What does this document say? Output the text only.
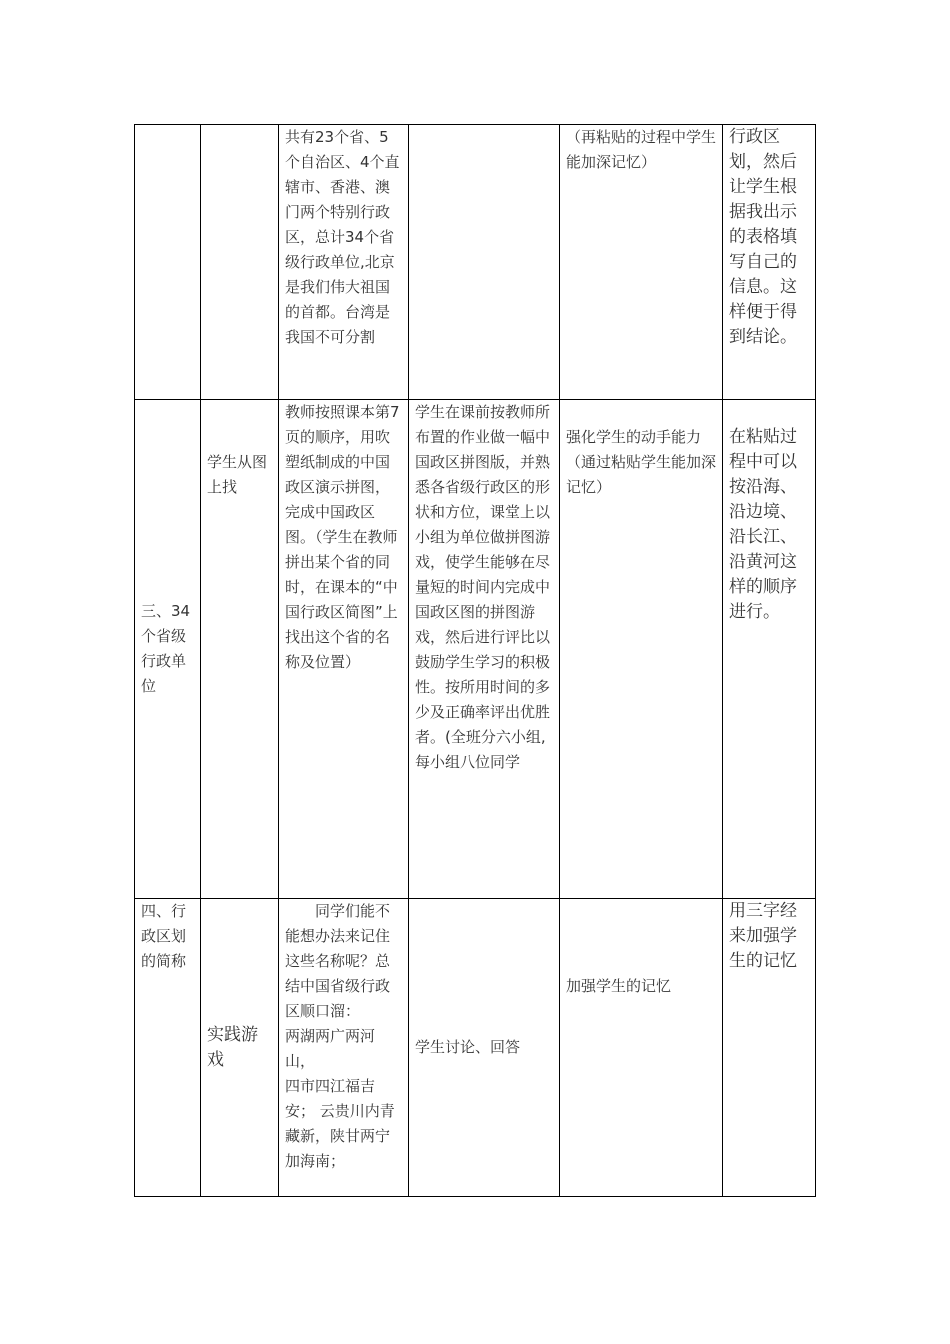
		共有23个省、5个自治区、4个直辖市、香港、澳门两个特别行政区，总计34个省级行政单位,北京是我们伟大祖国的首都。台湾是我国不可分割		（再粘贴的过程中学生能加深记忆）	行政区划，然后让学生根据我出示的表格填写自己的信息。这样便于得到结论。

三、34个省级行政单位	学生从图上找	教师按照课本第7页的顺序，用吹塑纸制成的中国政区演示拼图，完成中国政区图。（学生在教师拼出某个省的同时，在课本的“中国行政区简图”上找出这个省的名称及位置）	学生在课前按教师所布置的作业做一幅中国政区拼图版，并熟悉各省级行政区的形状和方位，课堂上以小组为单位做拼图游戏，使学生能够在尽量短的时间内完成中国政区图的拼图游戏，然后进行评比以鼓励学生学习的积极性。按所用时间的多少及正确率评出优胜者。(全班分六小组,每小组八位同学	强化学生的动手能力
（通过粘贴学生能加深记忆）	在粘贴过程中可以按沿海、沿边境、沿长江、沿黄河这样的顺序进行。

四、行政区划的简称	实践游戏	同学们能不能想办法来记住这些名称呢？总结中国省级行政区顺口溜：
两湖两广两河山，
四市四江福吉安； 云贵川内青藏新，陕甘两宁加海南；	学生讨论、回答	加强学生的记忆	用三字经来加强学生的记忆
